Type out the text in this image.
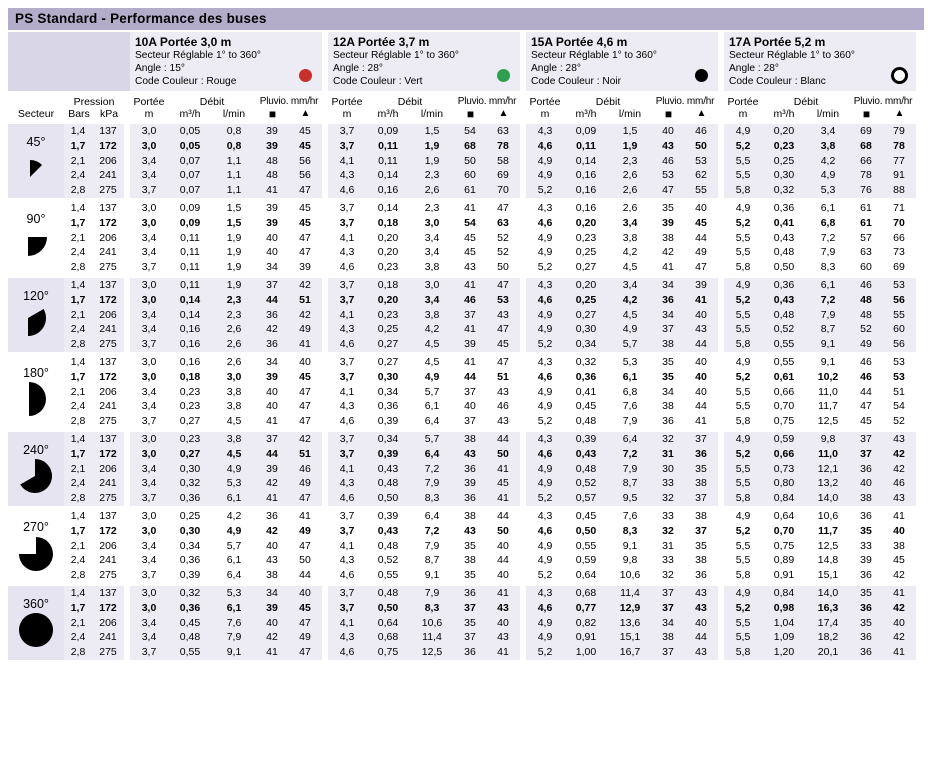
PS Standard - Performance des buses
10A Portée 3,0 m
Secteur Réglable 1° to 360°
Angle : 15°
Code Couleur : Rouge
12A Portée 3,7 m
Secteur Réglable 1° to 360°
Angle : 28°
Code Couleur : Vert
15A Portée 4,6 m
Secteur Réglable 1° to 360°
Angle : 28°
Code Couleur : Noir
17A Portée 5,2 m
Secteur Réglable 1° to 360°
Angle : 28°
Code Couleur : Blanc
Secteur
Pression
Bars kPa
Portée
m
Débit
m³/h	l/min
Pluvio. mm/hr
■	▲
Portée
m
Débit
m³/h	l/min
Pluvio. mm/hr
■	▲
Portée
m
Débit
m³/h	l/min
Pluvio. mm/hr
■	▲
Portée
m
Débit
m³/h	l/min
Pluvio. mm/hr
■	▲
45°
1,4	137	3,0	0,05	0,8	39	45	3,7	0,09	1,5	54	63	4,3	0,09	1,5	40	46	4,9	0,20	3,4	69	79
1,7	172	3,0	0,05	0,8	39	45	3,7	0,11	1,9	68	78	4,6	0,11	1,9	43	50	5,2	0,23	3,8	68	78
2,1	206	3,4	0,07	1,1	48	56	4,1	0,11	1,9	50	58	4,9	0,14	2,3	46	53	5,5	0,25	4,2	66	77
2,4	241	3,4	0,07	1,1	48	56	4,3	0,14	2,3	60	69	4,9	0,16	2,6	53	62	5,5	0,30	4,9	78	91
2,8	275	3,7	0,07	1,1	41	47	4,6	0,16	2,6	61	70	5,2	0,16	2,6	47	55	5,8	0,32	5,3	76	88
90°
1,4	137	3,0	0,09	1,5	39	45	3,7	0,14	2,3	41	47	4,3	0,16	2,6	35	40	4,9	0,36	6,1	61	71
1,7	172	3,0	0,09	1,5	39	45	3,7	0,18	3,0	54	63	4,6	0,20	3,4	39	45	5,2	0,41	6,8	61	70
2,1	206	3,4	0,11	1,9	40	47	4,1	0,20	3,4	45	52	4,9	0,23	3,8	38	44	5,5	0,43	7,2	57	66
2,4	241	3,4	0,11	1,9	40	47	4,3	0,20	3,4	45	52	4,9	0,25	4,2	42	49	5,5	0,48	7,9	63	73
2,8	275	3,7	0,11	1,9	34	39	4,6	0,23	3,8	43	50	5,2	0,27	4,5	41	47	5,8	0,50	8,3	60	69
120°
1,4	137	3,0	0,11	1,9	37	42	3,7	0,18	3,0	41	47	4,3	0,20	3,4	34	39	4,9	0,36	6,1	46	53
1,7	172	3,0	0,14	2,3	44	51	3,7	0,20	3,4	46	53	4,6	0,25	4,2	36	41	5,2	0,43	7,2	48	56
2,1	206	3,4	0,14	2,3	36	42	4,1	0,23	3,8	37	43	4,9	0,27	4,5	34	40	5,5	0,48	7,9	48	55
2,4	241	3,4	0,16	2,6	42	49	4,3	0,25	4,2	41	47	4,9	0,30	4,9	37	43	5,5	0,52	8,7	52	60
2,8	275	3,7	0,16	2,6	36	41	4,6	0,27	4,5	39	45	5,2	0,34	5,7	38	44	5,8	0,55	9,1	49	56
180°
1,4	137	3,0	0,16	2,6	34	40	3,7	0,27	4,5	41	47	4,3	0,32	5,3	35	40	4,9	0,55	9,1	46	53
1,7	172	3,0	0,18	3,0	39	45	3,7	0,30	4,9	44	51	4,6	0,36	6,1	35	40	5,2	0,61	10,2	46	53
2,1	206	3,4	0,23	3,8	40	47	4,1	0,34	5,7	37	43	4,9	0,41	6,8	34	40	5,5	0,66	11,0	44	51
2,4	241	3,4	0,23	3,8	40	47	4,3	0,36	6,1	40	46	4,9	0,45	7,6	38	44	5,5	0,70	11,7	47	54
2,8	275	3,7	0,27	4,5	41	47	4,6	0,39	6,4	37	43	5,2	0,48	7,9	36	41	5,8	0,75	12,5	45	52
240°
1,4	137	3,0	0,23	3,8	37	42	3,7	0,34	5,7	38	44	4,3	0,39	6,4	32	37	4,9	0,59	9,8	37	43
1,7	172	3,0	0,27	4,5	44	51	3,7	0,39	6,4	43	50	4,6	0,43	7,2	31	36	5,2	0,66	11,0	37	42
2,1	206	3,4	0,30	4,9	39	46	4,1	0,43	7,2	36	41	4,9	0,48	7,9	30	35	5,5	0,73	12,1	36	42
2,4	241	3,4	0,32	5,3	42	49	4,3	0,48	7,9	39	45	4,9	0,52	8,7	33	38	5,5	0,80	13,2	40	46
2,8	275	3,7	0,36	6,1	41	47	4,6	0,50	8,3	36	41	5,2	0,57	9,5	32	37	5,8	0,84	14,0	38	43
270°
1,4	137	3,0	0,25	4,2	36	41	3,7	0,39	6,4	38	44	4,3	0,45	7,6	33	38	4,9	0,64	10,6	36	41
1,7	172	3,0	0,30	4,9	42	49	3,7	0,43	7,2	43	50	4,6	0,50	8,3	32	37	5,2	0,70	11,7	35	40
2,1	206	3,4	0,34	5,7	40	47	4,1	0,48	7,9	35	40	4,9	0,55	9,1	31	35	5,5	0,75	12,5	33	38
2,4	241	3,4	0,36	6,1	43	50	4,3	0,52	8,7	38	44	4,9	0,59	9,8	33	38	5,5	0,89	14,8	39	45
2,8	275	3,7	0,39	6,4	38	44	4,6	0,55	9,1	35	40	5,2	0,64	10,6	32	36	5,8	0,91	15,1	36	42
360°
1,4	137	3,0	0,32	5,3	34	40	3,7	0,48	7,9	36	41	4,3	0,68	11,4	37	43	4,9	0,84	14,0	35	41
1,7	172	3,0	0,36	6,1	39	45	3,7	0,50	8,3	37	43	4,6	0,77	12,9	37	43	5,2	0,98	16,3	36	42
2,1	206	3,4	0,45	7,6	40	47	4,1	0,64	10,6	35	40	4,9	0,82	13,6	34	40	5,5	1,04	17,4	35	40
2,4	241	3,4	0,48	7,9	42	49	4,3	0,68	11,4	37	43	4,9	0,91	15,1	38	44	5,5	1,09	18,2	36	42
2,8	275	3,7	0,55	9,1	41	47	4,6	0,75	12,5	36	41	5,2	1,00	16,7	37	43	5,8	1,20	20,1	36	41
